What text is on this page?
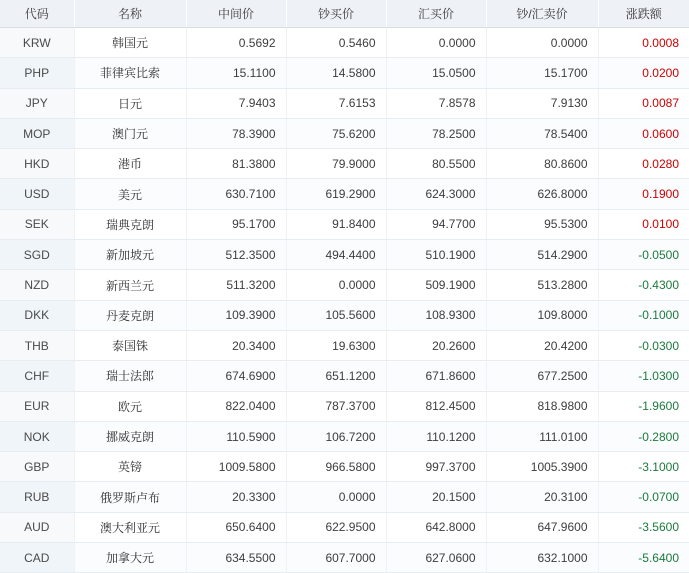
代码	名称	中间价	钞买价	汇买价	钞/汇卖价	涨跌额
KRW	韩国元	0.5692	0.5460	0.0000	0.0000	0.0008
PHP	菲律宾比索	15.1100	14.5800	15.0500	15.1700	0.0200
JPY	日元	7.9403	7.6153	7.8578	7.9130	0.0087
MOP	澳门元	78.3900	75.6200	78.2500	78.5400	0.0600
HKD	港币	81.3800	79.9000	80.5500	80.8600	0.0280
USD	美元	630.7100	619.2900	624.3000	626.8000	0.1900
SEK	瑞典克朗	95.1700	91.8400	94.7700	95.5300	0.0100
SGD	新加坡元	512.3500	494.4400	510.1900	514.2900	-0.0500
NZD	新西兰元	511.3200	0.0000	509.1900	513.2800	-0.4300
DKK	丹麦克朗	109.3900	105.5600	108.9300	109.8000	-0.1000
THB	泰国铢	20.3400	19.6300	20.2600	20.4200	-0.0300
CHF	瑞士法郎	674.6900	651.1200	671.8600	677.2500	-1.0300
EUR	欧元	822.0400	787.3700	812.4500	818.9800	-1.9600
NOK	挪威克朗	110.5900	106.7200	110.1200	111.0100	-0.2800
GBP	英镑	1009.5800	966.5800	997.3700	1005.3900	-3.1000
RUB	俄罗斯卢布	20.3300	0.0000	20.1500	20.3100	-0.0700
AUD	澳大利亚元	650.6400	622.9500	642.8000	647.9600	-3.5600
CAD	加拿大元	634.5500	607.7000	627.0600	632.1000	-5.6400
